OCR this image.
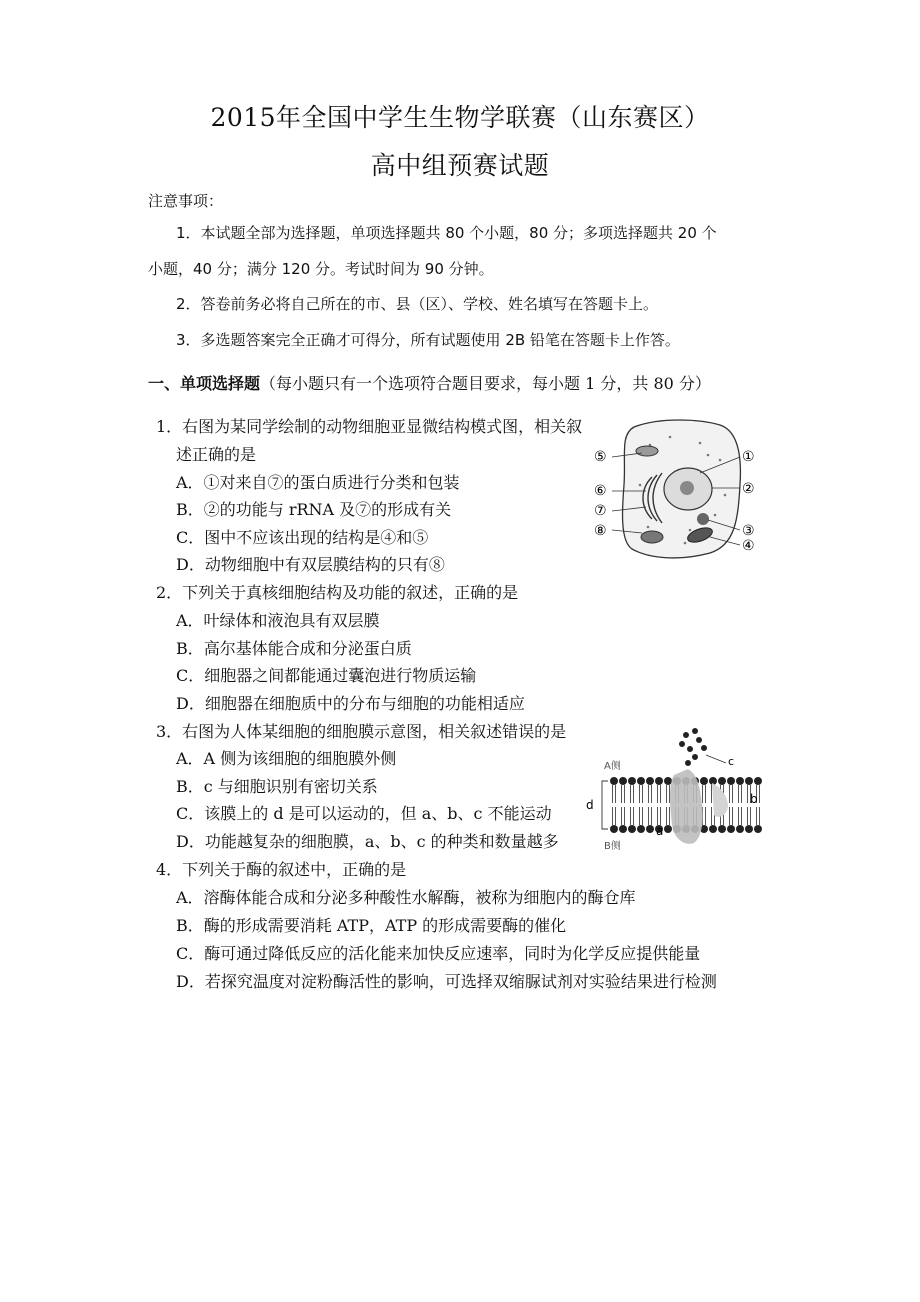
2015年全国中学生生物学联赛（山东赛区）
高中组预赛试题
注意事项：
1．本试题全部为选择题，单项选择题共 80 个小题，80 分；多项选择题共 20 个
小题，40 分；满分 120 分。考试时间为 90 分钟。
2．答卷前务必将自己所在的市、县（区）、学校、姓名填写在答题卡上。
3．多选题答案完全正确才可得分，所有试题使用 2B 铅笔在答题卡上作答。
一、单项选择题（每小题只有一个选项符合题目要求，每小题 1 分，共 80 分）
1．右图为某同学绘制的动物细胞亚显微结构模式图，相关叙
述正确的是
A．①对来自⑦的蛋白质进行分类和包装
B．②的功能与 rRNA 及⑦的形成有关
C．图中不应该出现的结构是④和⑤
D．动物细胞中有双层膜结构的只有⑧
⑤	①
⑥	②
⑦
⑧	③
④
2．下列关于真核细胞结构及功能的叙述，正确的是
A．叶绿体和液泡具有双层膜
B．高尔基体能合成和分泌蛋白质
C．细胞器之间都能通过囊泡进行物质运输
D．细胞器在细胞质中的分布与细胞的功能相适应
3．右图为人体某细胞的细胞膜示意图，相关叙述错误的是
A．A 侧为该细胞的细胞膜外侧
B．c 与细胞识别有密切关系
C．该膜上的 d 是可以运动的，但 a、b、c 不能运动
D．功能越复杂的细胞膜，a、b、c 的种类和数量越多
c
A侧
b
d
a
B侧
4．下列关于酶的叙述中，正确的是
A．溶酶体能合成和分泌多种酸性水解酶，被称为细胞内的酶仓库
B．酶的形成需要消耗 ATP，ATP 的形成需要酶的催化
C．酶可通过降低反应的活化能来加快反应速率，同时为化学反应提供能量
D．若探究温度对淀粉酶活性的影响，可选择双缩脲试剂对实验结果进行检测
